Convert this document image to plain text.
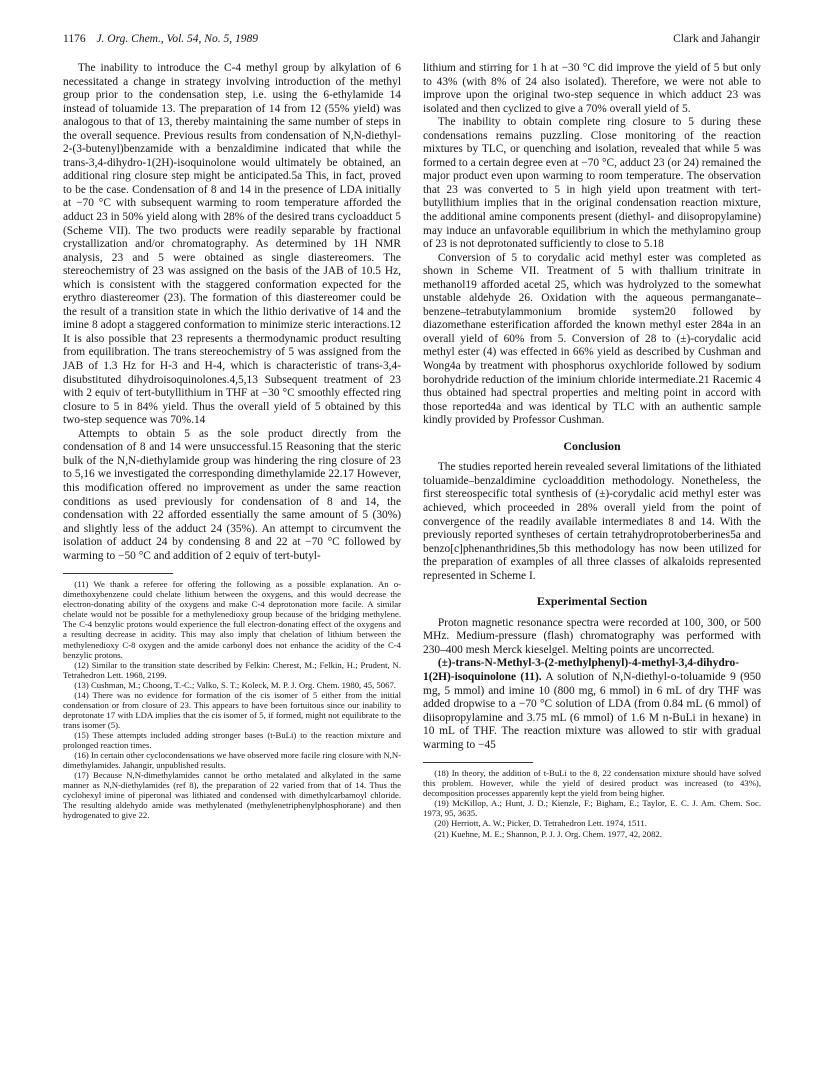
1176 J. Org. Chem., Vol. 54, No. 5, 1989	Clark and Jahangir

The inability to introduce the C-4 methyl group by alkylation of 6 necessitated a change in strategy involving introduction of the methyl group prior to the condensation step, i.e. using the 6-ethylamide 14 instead of toluamide 13. The preparation of 14 from 12 (55% yield) was analogous to that of 13, thereby maintaining the same number of steps in the overall sequence. Previous results from condensation of N,N-diethyl-2-(3-butenyl)benzamide with a benzaldimine indicated that while the trans-3,4-dihydro-1(2H)-isoquinolone would ultimately be obtained, an additional ring closure step might be anticipated.5a This, in fact, proved to be the case. Condensation of 8 and 14 in the presence of LDA initially at −70 °C with subsequent warming to room temperature afforded the adduct 23 in 50% yield along with 28% of the desired trans cycloadduct 5 (Scheme VII). The two products were readily separable by fractional crystallization and/or chromatography. As determined by 1H NMR analysis, 23 and 5 were obtained as single diastereomers. The stereochemistry of 23 was assigned on the basis of the JAB of 10.5 Hz, which is consistent with the staggered conformation expected for the erythro diastereomer (23). The formation of this diastereomer could be the result of a transition state in which the lithio derivative of 14 and the imine 8 adopt a staggered conformation to minimize steric interactions.12 It is also possible that 23 represents a thermodynamic product resulting from equilibration. The trans stereochemistry of 5 was assigned from the JAB of 1.3 Hz for H-3 and H-4, which is characteristic of trans-3,4-disubstituted dihydroisoquinolones.4,5,13 Subsequent treatment of 23 with 2 equiv of tert-butyllithium in THF at −30 °C smoothly effected ring closure to 5 in 84% yield. Thus the overall yield of 5 obtained by this two-step sequence was 70%.14

Attempts to obtain 5 as the sole product directly from the condensation of 8 and 14 were unsuccessful.15 Reasoning that the steric bulk of the N,N-diethylamide group was hindering the ring closure of 23 to 5,16 we investigated the corresponding dimethylamide 22.17 However, this modification offered no improvement as under the same reaction conditions as used previously for condensation of 8 and 14, the condensation with 22 afforded essentially the same amount of 5 (30%) and slightly less of the adduct 24 (35%). An attempt to circumvent the isolation of adduct 24 by condensing 8 and 22 at −70 °C followed by warming to −50 °C and addition of 2 equiv of tert-butyl-

(11) We thank a referee for offering the following as a possible explanation. An o-dimethoxybenzene could chelate lithium between the oxygens, and this would decrease the electron-donating ability of the oxygens and make C-4 deprotonation more facile. A similar chelate would not be possible for a methylenedioxy group because of the bridging methylene. The C-4 benzylic protons would experience the full electron-donating effect of the oxygens and a resulting decrease in acidity. This may also imply that chelation of lithium between the methylenedioxy C-8 oxygen and the amide carbonyl does not enhance the acidity of the C-4 benzylic protons.

(12) Similar to the transition state described by Felkin: Cherest, M.; Felkin, H.; Prudent, N. Tetrahedron Lett. 1968, 2199.

(13) Cushman, M.; Choong, T.-C.; Valko, S. T.; Koleck, M. P. J. Org. Chem. 1980, 45, 5067.

(14) There was no evidence for formation of the cis isomer of 5 either from the initial condensation or from closure of 23. This appears to have been fortuitous since our inability to deprotonate 17 with LDA implies that the cis isomer of 5, if formed, might not equilibrate to the trans isomer (5).

(15) These attempts included adding stronger bases (t-BuLi) to the reaction mixture and prolonged reaction times.

(16) In certain other cyclocondensations we have observed more facile ring closure with N,N-dimethylamides. Jahangir, unpublished results.

(17) Because N,N-dimethylamides cannot be ortho metalated and alkylated in the same manner as N,N-diethylamides (ref 8), the preparation of 22 varied from that of 14. Thus the cyclohexyl imine of piperonal was lithiated and condensed with dimethylcarbamoyl chloride. The resulting aldehydo amide was methylenated (methylenetriphenylphosphorane) and then hydrogenated to give 22.

lithium and stirring for 1 h at −30 °C did improve the yield of 5 but only to 43% (with 8% of 24 also isolated). Therefore, we were not able to improve upon the original two-step sequence in which adduct 23 was isolated and then cyclized to give a 70% overall yield of 5.

The inability to obtain complete ring closure to 5 during these condensations remains puzzling. Close monitoring of the reaction mixtures by TLC, or quenching and isolation, revealed that while 5 was formed to a certain degree even at −70 °C, adduct 23 (or 24) remained the major product even upon warming to room temperature. The observation that 23 was converted to 5 in high yield upon treatment with tert-butyllithium implies that in the original condensation reaction mixture, the additional amine components present (diethyl- and diisopropylamine) may induce an unfavorable equilibrium in which the methylamino group of 23 is not deprotonated sufficiently to close to 5.18

Conversion of 5 to corydalic acid methyl ester was completed as shown in Scheme VII. Treatment of 5 with thallium trinitrate in methanol19 afforded acetal 25, which was hydrolyzed to the somewhat unstable aldehyde 26. Oxidation with the aqueous permanganate–benzene–tetrabutylammonium bromide system20 followed by diazomethane esterification afforded the known methyl ester 284a in an overall yield of 60% from 5. Conversion of 28 to (±)-corydalic acid methyl ester (4) was effected in 66% yield as described by Cushman and Wong4a by treatment with phosphorus oxychloride followed by sodium borohydride reduction of the iminium chloride intermediate.21 Racemic 4 thus obtained had spectral properties and melting point in accord with those reported4a and was identical by TLC with an authentic sample kindly provided by Professor Cushman.

Conclusion

The studies reported herein revealed several limitations of the lithiated toluamide–benzaldimine cycloaddition methodology. Nonetheless, the first stereospecific total synthesis of (±)-corydalic acid methyl ester was achieved, which proceeded in 28% overall yield from the point of convergence of the readily available intermediates 8 and 14. With the previously reported syntheses of certain tetrahydroprotoberberines5a and benzo[c]phenanthridines,5b this methodology has now been utilized for the preparation of examples of all three classes of alkaloids represented represented in Scheme I.

Experimental Section

Proton magnetic resonance spectra were recorded at 100, 300, or 500 MHz. Medium-pressure (flash) chromatography was performed with 230–400 mesh Merck kieselgel. Melting points are uncorrected.

(±)-trans-N-Methyl-3-(2-methylphenyl)-4-methyl-3,4-dihydro-1(2H)-isoquinolone (11). A solution of N,N-diethyl-o-toluamide 9 (950 mg, 5 mmol) and imine 10 (800 mg, 6 mmol) in 6 mL of dry THF was added dropwise to a −70 °C solution of LDA (from 0.84 mL (6 mmol) of diisopropylamine and 3.75 mL (6 mmol) of 1.6 M n-BuLi in hexane) in 10 mL of THF. The reaction mixture was allowed to stir with gradual warming to −45

(18) In theory, the addition of t-BuLi to the 8, 22 condensation mixture should have solved this problem. However, while the yield of desired product was increased (to 43%), decomposition processes apparently kept the yield from being higher.

(19) McKillop, A.; Hunt, J. D.; Kienzle, F.; Bigham, E.; Taylor, E. C. J. Am. Chem. Soc. 1973, 95, 3635.

(20) Herriott, A. W.; Picker, D. Tetrahedron Lett. 1974, 1511.

(21) Kuehne, M. E.; Shannon, P. J. J. Org. Chem. 1977, 42, 2082.
